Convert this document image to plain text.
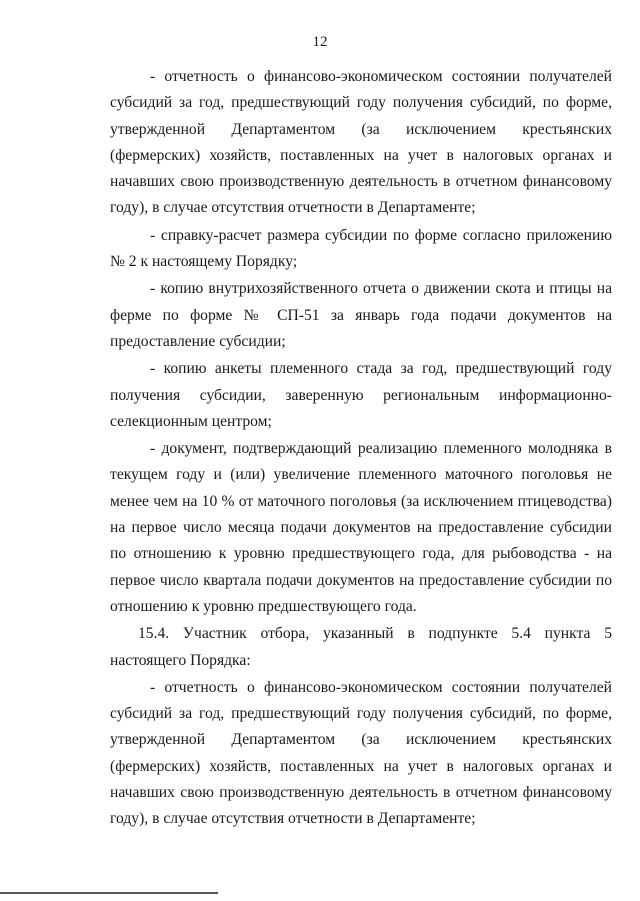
12

- отчетность о финансово-экономическом состоянии получателей субсидий за год, предшествующий году получения субсидий, по форме, утвержденной Департаментом (за исключением крестьянских (фермерских) хозяйств, поставленных на учет в налоговых органах и начавших свою производственную деятельность в отчетном финансовому году), в случае отсутствия отчетности в Департаменте;

- справку-расчет размера субсидии по форме согласно приложению № 2 к настоящему Порядку;

- копию внутрихозяйственного отчета о движении скота и птицы на ферме по форме № СП-51 за январь года подачи документов на предоставление субсидии;

- копию анкеты племенного стада за год, предшествующий году получения субсидии, заверенную региональным информационно-селекционным центром;

- документ, подтверждающий реализацию племенного молодняка в текущем году и (или) увеличение племенного маточного поголовья не менее чем на 10 % от маточного поголовья (за исключением птицеводства) на первое число месяца подачи документов на предоставление субсидии по отношению к уровню предшествующего года, для рыбоводства - на первое число квартала подачи документов на предоставление субсидии по отношению к уровню предшествующего года.

15.4. Участник отбора, указанный в подпункте 5.4 пункта 5 настоящего Порядка:

- отчетность о финансово-экономическом состоянии получателей субсидий за год, предшествующий году получения субсидий, по форме, утвержденной Департаментом (за исключением крестьянских (фермерских) хозяйств, поставленных на учет в налоговых органах и начавших свою производственную деятельность в отчетном финансовому году), в случае отсутствия отчетности в Департаменте;
